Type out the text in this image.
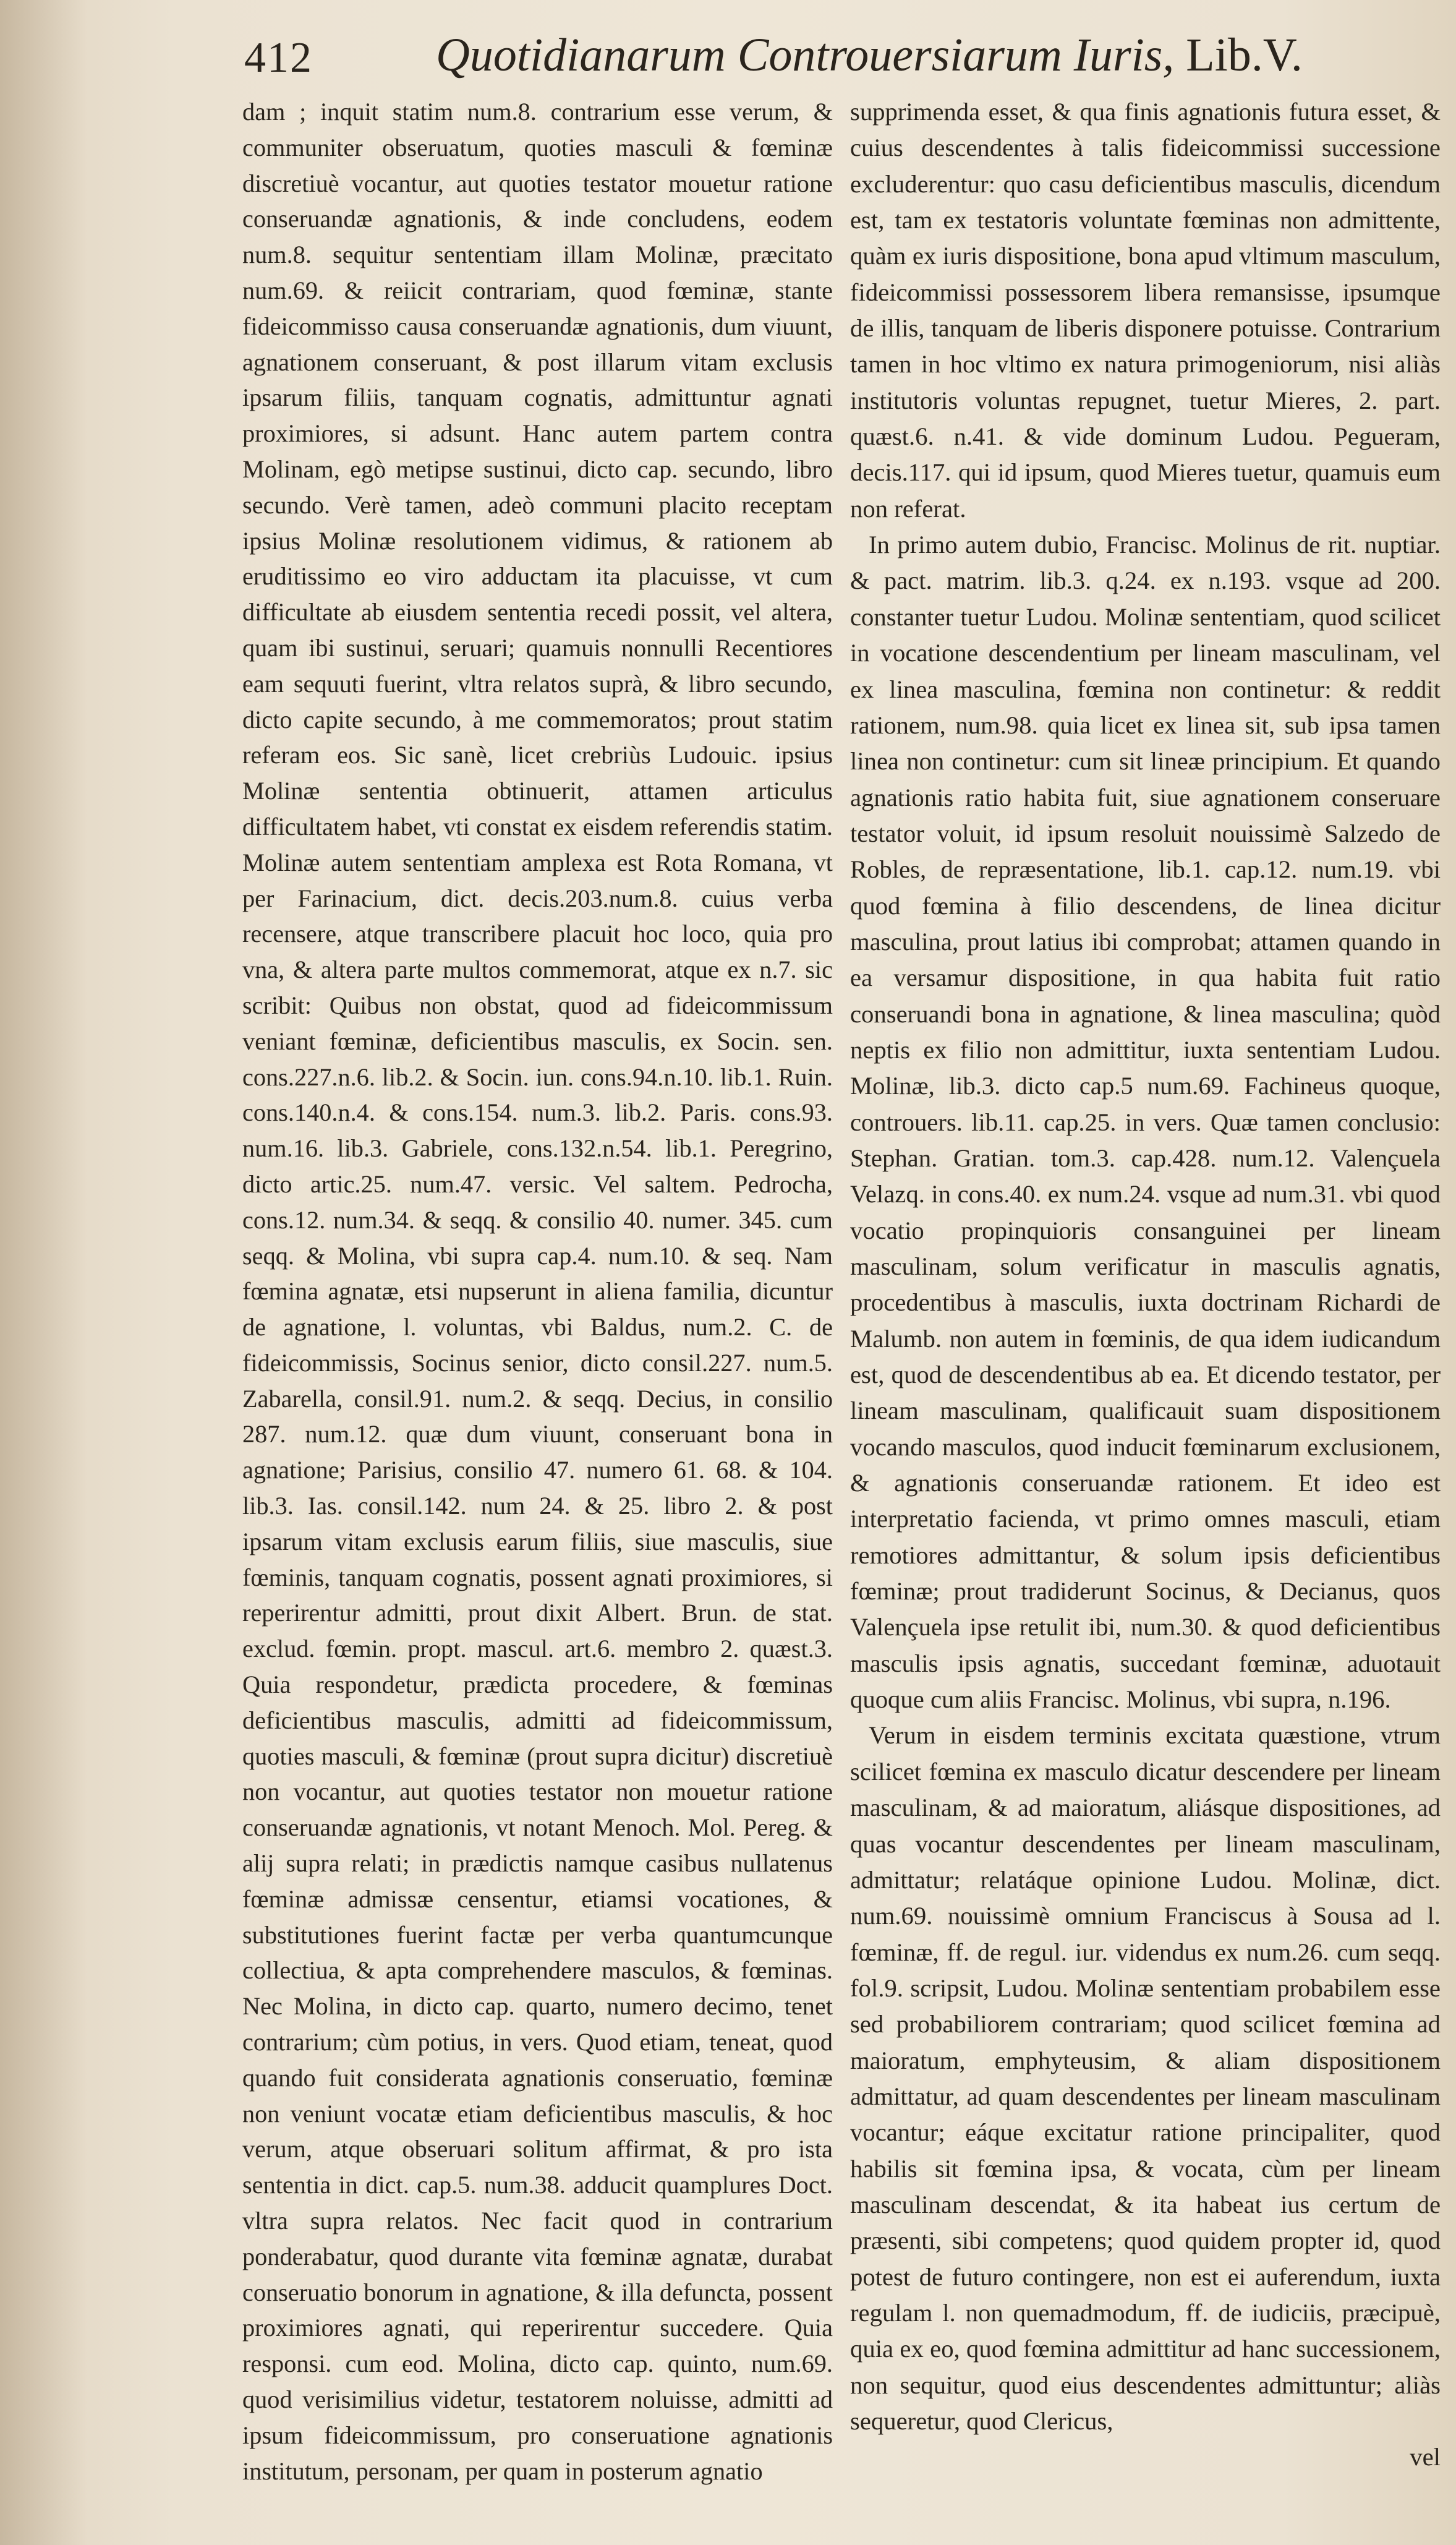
412	Quotidianarum Controuersiarum Iuris, Lib.V.

dam ; inquit statim num.8. contrarium esse verum, & communiter obseruatum, quoties masculi & fœminæ discretiuè vocantur, aut quoties testator mouetur ratione conseruandæ agnationis, & inde concludens, eodem num.8. sequitur sententiam illam Molinæ, præcitato num.69. & reiicit contrariam, quod fœminæ, stante fideicommisso causa conseruandæ agnationis, dum viuunt, agnationem conseruant, & post illarum vitam exclusis ipsarum filiis, tanquam cognatis, admittuntur agnati proximiores, si adsunt. Hanc autem partem contra Molinam, egò metipse sustinui, dicto cap. secundo, libro secundo. Verè tamen, adeò communi placito receptam ipsius Molinæ resolutionem vidimus, & rationem ab eruditissimo eo viro adductam ita placuisse, vt cum difficultate ab eiusdem sententia recedi possit, vel altera, quam ibi sustinui, seruari; quamuis nonnulli Recentiores eam sequuti fuerint, vltra relatos suprà, & libro secundo, dicto capite secundo, à me commemoratos; prout statim referam eos. Sic sanè, licet crebriùs Ludouic. ipsius Molinæ sententia obtinuerit, attamen articulus difficultatem habet, vti constat ex eisdem referendis statim. Molinæ autem sententiam amplexa est Rota Romana, vt per Farinacium, dict. decis.203.num.8. cuius verba recensere, atque transcribere placuit hoc loco, quia pro vna, & altera parte multos commemorat, atque ex n.7. sic scribit: Quibus non obstat, quod ad fideicommissum veniant fœminæ, deficientibus masculis, ex Socin. sen. cons.227.n.6. lib.2. & Socin. iun. cons.94.n.10. lib.1. Ruin. cons.140.n.4. & cons.154. num.3. lib.2. Paris. cons.93. num.16. lib.3. Gabriele, cons.132.n.54. lib.1. Peregrino, dicto artic.25. num.47. versic. Vel saltem. Pedrocha, cons.12. num.34. & seqq. & consilio 40. numer. 345. cum seqq. & Molina, vbi supra cap.4. num.10. & seq. Nam fœmina agnatæ, etsi nupserunt in aliena familia, dicuntur de agnatione, l. voluntas, vbi Baldus, num.2. C. de fideicommissis, Socinus senior, dicto consil.227. num.5. Zabarella, consil.91. num.2. & seqq. Decius, in consilio 287. num.12. quæ dum viuunt, conseruant bona in agnatione; Parisius, consilio 47. numero 61. 68. & 104. lib.3. Ias. consil.142. num 24. & 25. libro 2. & post ipsarum vitam exclusis earum filiis, siue masculis, siue fœminis, tanquam cognatis, possent agnati proximiores, si reperirentur admitti, prout dixit Albert. Brun. de stat. exclud. fœmin. propt. mascul. art.6. membro 2. quæst.3. Quia respondetur, prædicta procedere, & fœminas deficientibus masculis, admitti ad fideicommissum, quoties masculi, & fœminæ (prout supra dicitur) discretiuè non vocantur, aut quoties testator non mouetur ratione conseruandæ agnationis, vt notant Menoch. Mol. Pereg. & alij supra relati; in prædictis namque casibus nullatenus fœminæ admissæ censentur, etiamsi vocationes, & substitutiones fuerint factæ per verba quantumcunque collectiua, & apta comprehendere masculos, & fœminas. Nec Molina, in dicto cap. quarto, numero decimo, tenet contrarium; cùm potius, in vers. Quod etiam, teneat, quod quando fuit considerata agnationis conseruatio, fœminæ non veniunt vocatæ etiam deficientibus masculis, & hoc verum, atque obseruari solitum affirmat, & pro ista sententia in dict. cap.5. num.38. adducit quamplures Doct. vltra supra relatos. Nec facit quod in contrarium ponderabatur, quod durante vita fœminæ agnatæ, durabat conseruatio bonorum in agnatione, & illa defuncta, possent proximiores agnati, qui reperirentur succedere. Quia responsi. cum eod. Molina, dicto cap. quinto, num.69. quod verisimilius videtur, testatorem noluisse, admitti ad ipsum fideicommissum, pro conseruatione agnationis institutum, personam, per quam in posterum agnatio

supprimenda esset, & qua finis agnationis futura esset, & cuius descendentes à talis fideicommissi successione excluderentur: quo casu deficientibus masculis, dicendum est, tam ex testatoris voluntate fœminas non admittente, quàm ex iuris dispositione, bona apud vltimum masculum, fideicommissi possessorem libera remansisse, ipsumque de illis, tanquam de liberis disponere potuisse. Contrarium tamen in hoc vltimo ex natura primogeniorum, nisi aliàs institutoris voluntas repugnet, tuetur Mieres, 2. part. quæst.6. n.41. & vide dominum Ludou. Pegueram, decis.117. qui id ipsum, quod Mieres tuetur, quamuis eum non referat.

In primo autem dubio, Francisc. Molinus de rit. nuptiar. & pact. matrim. lib.3. q.24. ex n.193. vsque ad 200. constanter tuetur Ludou. Molinæ sententiam, quod scilicet in vocatione descendentium per lineam masculinam, vel ex linea masculina, fœmina non continetur: & reddit rationem, num.98. quia licet ex linea sit, sub ipsa tamen linea non continetur: cum sit lineæ principium. Et quando agnationis ratio habita fuit, siue agnationem conseruare testator voluit, id ipsum resoluit nouissimè Salzedo de Robles, de repræsentatione, lib.1. cap.12. num.19. vbi quod fœmina à filio descendens, de linea dicitur masculina, prout latius ibi comprobat; attamen quando in ea versamur dispositione, in qua habita fuit ratio conseruandi bona in agnatione, & linea masculina; quòd neptis ex filio non admittitur, iuxta sententiam Ludou. Molinæ, lib.3. dicto cap.5 num.69. Fachineus quoque, controuers. lib.11. cap.25. in vers. Quæ tamen conclusio: Stephan. Gratian. tom.3. cap.428. num.12. Valençuela Velazq. in cons.40. ex num.24. vsque ad num.31. vbi quod vocatio propinquioris consanguinei per lineam masculinam, solum verificatur in masculis agnatis, procedentibus à masculis, iuxta doctrinam Richardi de Malumb. non autem in fœminis, de qua idem iudicandum est, quod de descendentibus ab ea. Et dicendo testator, per lineam masculinam, qualificauit suam dispositionem vocando masculos, quod inducit fœminarum exclusionem, & agnationis conseruandæ rationem. Et ideo est interpretatio facienda, vt primo omnes masculi, etiam remotiores admittantur, & solum ipsis deficientibus fœminæ; prout tradiderunt Socinus, & Decianus, quos Valençuela ipse retulit ibi, num.30. & quod deficientibus masculis ipsis agnatis, succedant fœminæ, aduotauit quoque cum aliis Francisc. Molinus, vbi supra, n.196.

Verum in eisdem terminis excitata quæstione, vtrum scilicet fœmina ex masculo dicatur descendere per lineam masculinam, & ad maioratum, aliásque dispositiones, ad quas vocantur descendentes per lineam masculinam, admittatur; relatáque opinione Ludou. Molinæ, dict. num.69. nouissimè omnium Franciscus à Sousa ad l. fœminæ, ff. de regul. iur. videndus ex num.26. cum seqq. fol.9. scripsit, Ludou. Molinæ sententiam probabilem esse sed probabiliorem contrariam; quod scilicet fœmina ad maioratum, emphyteusim, & aliam dispositionem admittatur, ad quam descendentes per lineam masculinam vocantur; eáque excitatur ratione principaliter, quod habilis sit fœmina ipsa, & vocata, cùm per lineam masculinam descendat, & ita habeat ius certum de præsenti, sibi competens; quod quidem propter id, quod potest de futuro contingere, non est ei auferendum, iuxta regulam l. non quemadmodum, ff. de iudiciis, præcipuè, quia ex eo, quod fœmina admittitur ad hanc successionem, non sequitur, quod eius descendentes admittuntur; aliàs sequeretur, quod Clericus,

vel
